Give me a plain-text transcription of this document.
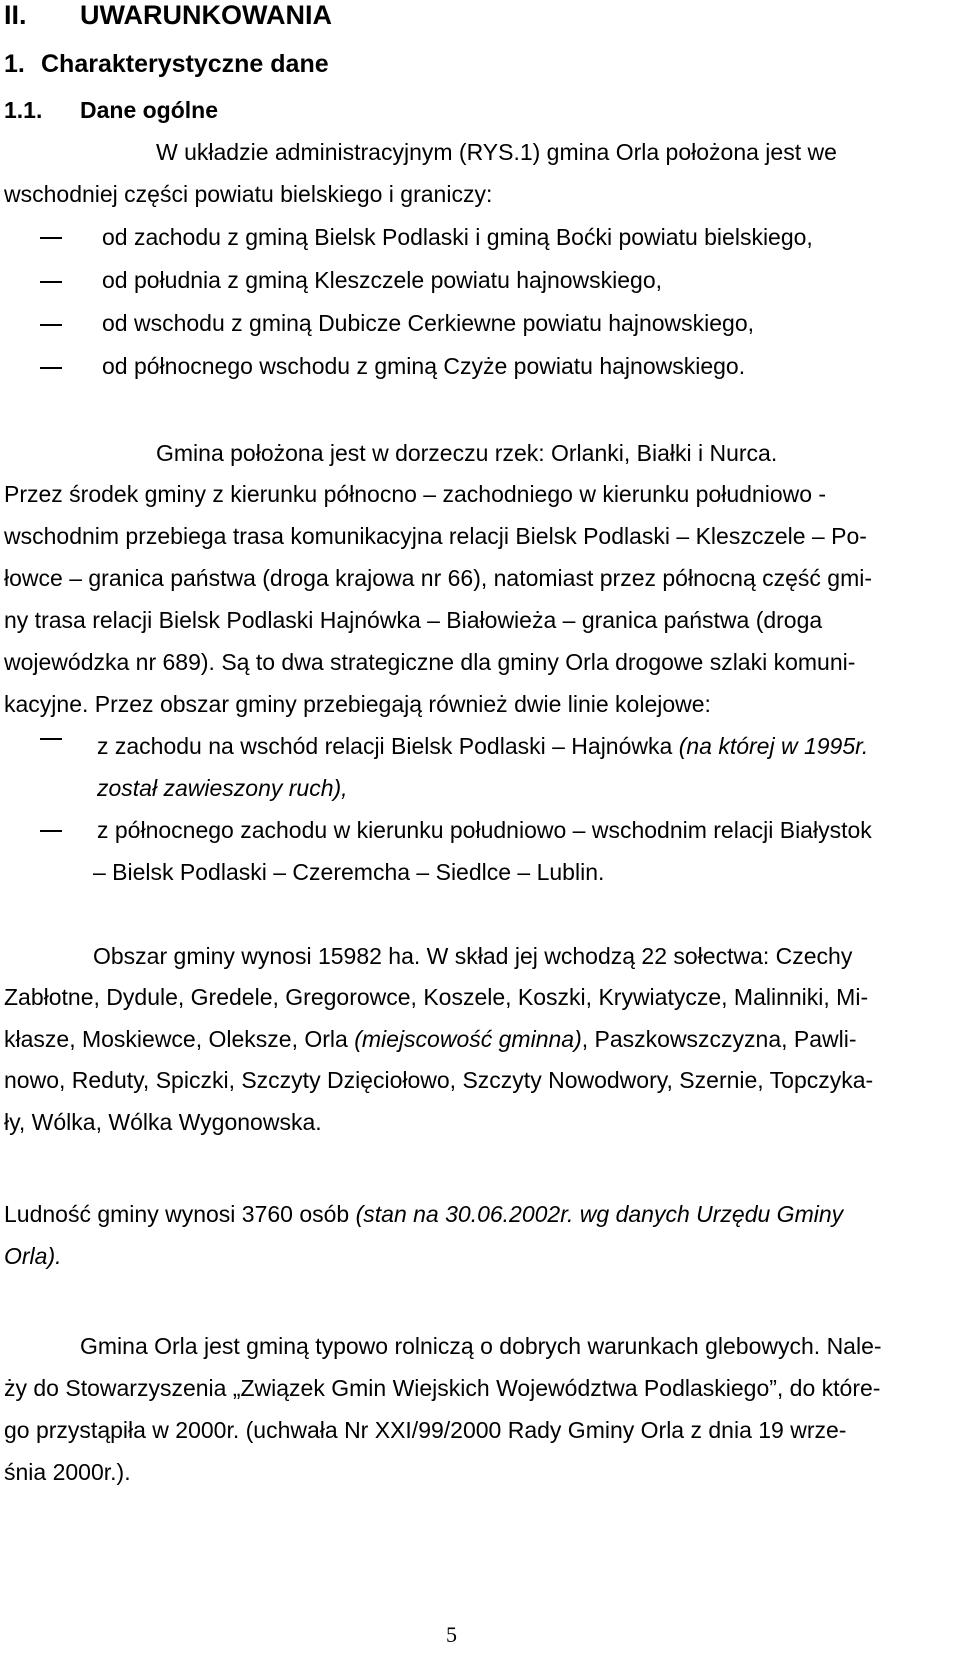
II. UWARUNKOWANIA
1. Charakterystyczne dane
1.1. Dane ogólne
W układzie administracyjnym (RYS.1) gmina Orla położona jest we
wschodniej części powiatu bielskiego i graniczy:
od zachodu z gminą Bielsk Podlaski i gminą Boćki powiatu bielskiego,
od południa z gminą Kleszczele powiatu hajnowskiego,
od wschodu z gminą Dubicze Cerkiewne powiatu hajnowskiego,
od północnego wschodu z gminą Czyże powiatu hajnowskiego.
Gmina położona jest w dorzeczu rzek: Orlanki, Białki i Nurca.
Przez środek gminy z kierunku północno – zachodniego w kierunku południowo -
wschodnim przebiega trasa komunikacyjna relacji Bielsk Podlaski – Kleszczele – Po-
łowce – granica państwa (droga krajowa nr 66), natomiast przez północną część gmi-
ny trasa relacji Bielsk Podlaski Hajnówka – Białowieża – granica państwa (droga
wojewódzka nr 689). Są to dwa strategiczne dla gminy Orla drogowe szlaki komuni-
kacyjne. Przez obszar gminy przebiegają również dwie linie kolejowe:
z zachodu na wschód relacji Bielsk Podlaski – Hajnówka (na której w 1995r.
został zawieszony ruch),
z północnego zachodu w kierunku południowo – wschodnim relacji Białystok
– Bielsk Podlaski – Czeremcha – Siedlce – Lublin.
Obszar gminy wynosi 15982 ha. W skład jej wchodzą 22 sołectwa: Czechy
Zabłotne, Dydule, Gredele, Gregorowce, Koszele, Koszki, Krywiatycze, Malinniki, Mi-
kłasze, Moskiewce, Oleksze, Orla (miejscowość gminna), Paszkowszczyzna, Pawli-
nowo, Reduty, Spiczki, Szczyty Dzięciołowo, Szczyty Nowodwory, Szernie, Topczyka-
ły, Wólka, Wólka Wygonowska.
Ludność gminy wynosi 3760 osób (stan na 30.06.2002r. wg danych Urzędu Gminy
Orla).
Gmina Orla jest gminą typowo rolniczą o dobrych warunkach glebowych. Nale-
ży do Stowarzyszenia „Związek Gmin Wiejskich Województwa Podlaskiego”, do które-
go przystąpiła w 2000r. (uchwała Nr XXI/99/2000 Rady Gminy Orla z dnia 19 wrze-
śnia 2000r.).
5
